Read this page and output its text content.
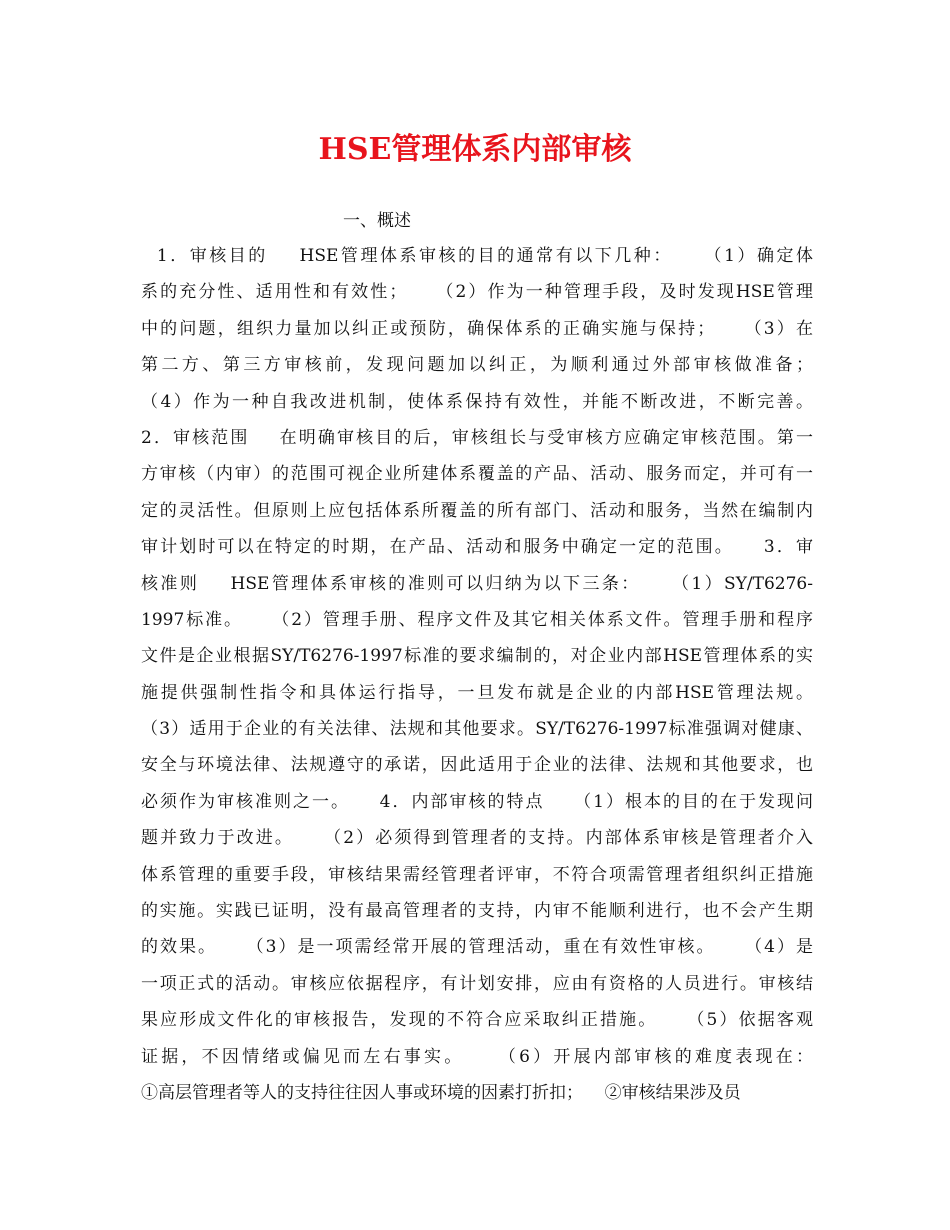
HSE管理体系内部审核
一、概述
1．审核目的    HSE管理体系审核的目的通常有以下几种：    （1）确定体
系的充分性、适用性和有效性；    （2）作为一种管理手段，及时发现HSE管理
中的问题，组织力量加以纠正或预防，确保体系的正确实施与保持；    （3）在
第二方、第三方审核前，发现问题加以纠正，为顺利通过外部审核做准备；
（4）作为一种自我改进机制，使体系保持有效性，并能不断改进，不断完善。
2．审核范围    在明确审核目的后，审核组长与受审核方应确定审核范围。第一
方审核（内审）的范围可视企业所建体系覆盖的产品、活动、服务而定，并可有一
定的灵活性。但原则上应包括体系所覆盖的所有部门、活动和服务，当然在编制内
审计划时可以在特定的时期，在产品、活动和服务中确定一定的范围。    3．审
核准则    HSE管理体系审核的准则可以归纳为以下三条：    （1）SY/T6276-
1997标准。    （2）管理手册、程序文件及其它相关体系文件。管理手册和程序
文件是企业根据SY/T6276-1997标准的要求编制的，对企业内部HSE管理体系的实
施提供强制性指令和具体运行指导，一旦发布就是企业的内部HSE管理法规。
（3）适用于企业的有关法律、法规和其他要求。SY/T6276-1997标准强调对健康、
安全与环境法律、法规遵守的承诺，因此适用于企业的法律、法规和其他要求，也
必须作为审核准则之一。    4．内部审核的特点    （1）根本的目的在于发现问
题并致力于改进。    （2）必须得到管理者的支持。内部体系审核是管理者介入
体系管理的重要手段，审核结果需经管理者评审，不符合项需管理者组织纠正措施
的实施。实践已证明，没有最高管理者的支持，内审不能顺利进行，也不会产生期
的效果。    （3）是一项需经常开展的管理活动，重在有效性审核。    （4）是
一项正式的活动。审核应依据程序，有计划安排，应由有资格的人员进行。审核结
果应形成文件化的审核报告，发现的不符合应采取纠正措施。    （5）依据客观
证据，不因情绪或偏见而左右事实。    （6）开展内部审核的难度表现在：
①高层管理者等人的支持往往因人事或环境的因素打折扣；    ②审核结果涉及员
